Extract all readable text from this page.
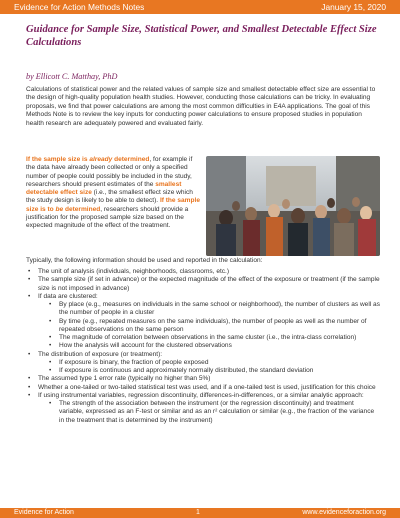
Evidence for Action Methods Notes	January 15, 2020
Guidance for Sample Size, Statistical Power, and Smallest Detectable Effect Size Calculations
by Ellicott C. Matthay, PhD
Calculations of statistical power and the related values of sample size and smallest detectable effect size are essential to the design of high-quality population health studies. However, conducting those calculations can be tricky. In evaluating proposals, we find that power calculations are among the most common difficulties in E4A applications. The goal of this Methods Note is to review the key inputs for conducting power calculations to ensure proposed studies in population health research are adequately powered and evaluated fairly.
If the sample size is already determined, for example if the data have already been collected or only a specified number of people could possibly be included in the study, researchers should present estimates of the smallest detectable effect size (i.e., the smallest effect size which the study design is likely to be able to detect). If the sample size is to be determined, researchers should provide a justification for the proposed sample size based on the expected magnitude of the effect of the treatment.
Typically, the following information should be used and reported in the calculation:
• The unit of analysis (individuals, neighborhoods, classrooms, etc.)
• The sample size (if set in advance) or the expected magnitude of the effect of the exposure or treatment (if the sample size is not imposed in advance)
• If data are clustered:
• By place (e.g., measures on individuals in the same school or neighborhood), the number of clusters as well as the number of people in a cluster
• By time (e.g., repeated measures on the same individuals), the number of people as well as the number of repeated observations on the same person
• The magnitude of correlation between observations in the same cluster (i.e., the intra-class correlation)
• How the analysis will account for the clustered observations
• The distribution of exposure (or treatment):
• If exposure is binary, the fraction of people exposed
• If exposure is continuous and approximately normally distributed, the standard deviation
• The assumed type 1 error rate (typically no higher than 5%)
• Whether a one-tailed or two-tailed statistical test was used, and if a one-tailed test is used, justification for this choice
• If using instrumental variables, regression discontinuity, differences-in-differences, or a similar analytic approach:
• The strength of the association between the instrument (or the regression discontinuity) and treatment variable, expressed as an F-test or similar and as an r² calculation or similar (e.g., the fraction of the variance in the treatment that is determined by the instrument)
Evidence for Action	1	www.evidenceforaction.org
